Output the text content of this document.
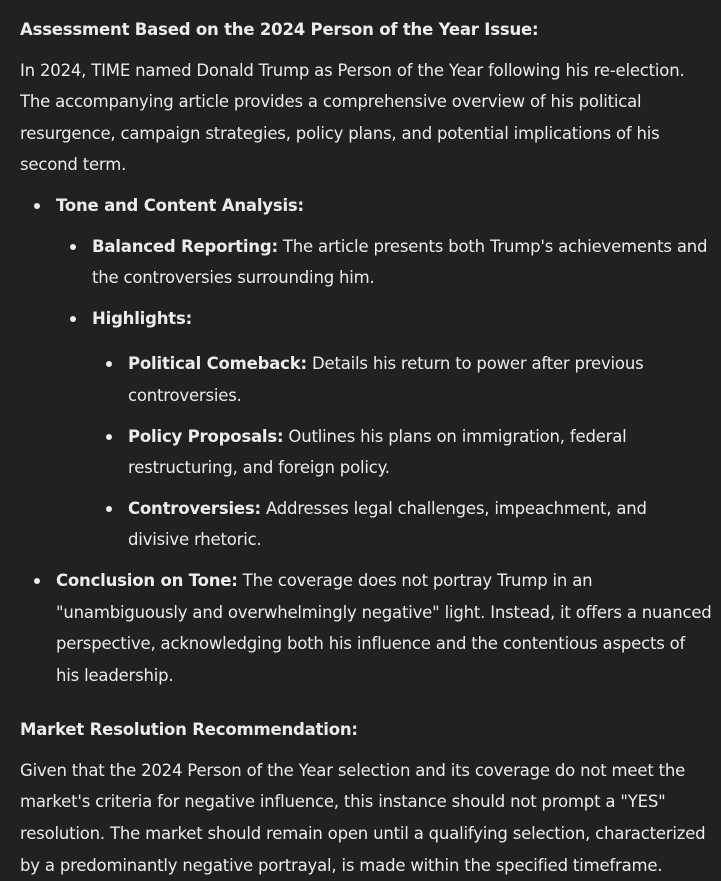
Assessment Based on the 2024 Person of the Year Issue:

In 2024, TIME named Donald Trump as Person of the Year following his re-election. The accompanying article provides a comprehensive overview of his political resurgence, campaign strategies, policy plans, and potential implications of his second term.

Tone and Content Analysis:
Balanced Reporting: The article presents both Trump's achievements and the controversies surrounding him.
Highlights:
Political Comeback: Details his return to power after previous controversies.
Policy Proposals: Outlines his plans on immigration, federal restructuring, and foreign policy.
Controversies: Addresses legal challenges, impeachment, and divisive rhetoric.
Conclusion on Tone: The coverage does not portray Trump in an "unambiguously and overwhelmingly negative" light. Instead, it offers a nuanced perspective, acknowledging both his influence and the contentious aspects of his leadership.

Market Resolution Recommendation:

Given that the 2024 Person of the Year selection and its coverage do not meet the market's criteria for negative influence, this instance should not prompt a "YES" resolution. The market should remain open until a qualifying selection, characterized by a predominantly negative portrayal, is made within the specified timeframe.
